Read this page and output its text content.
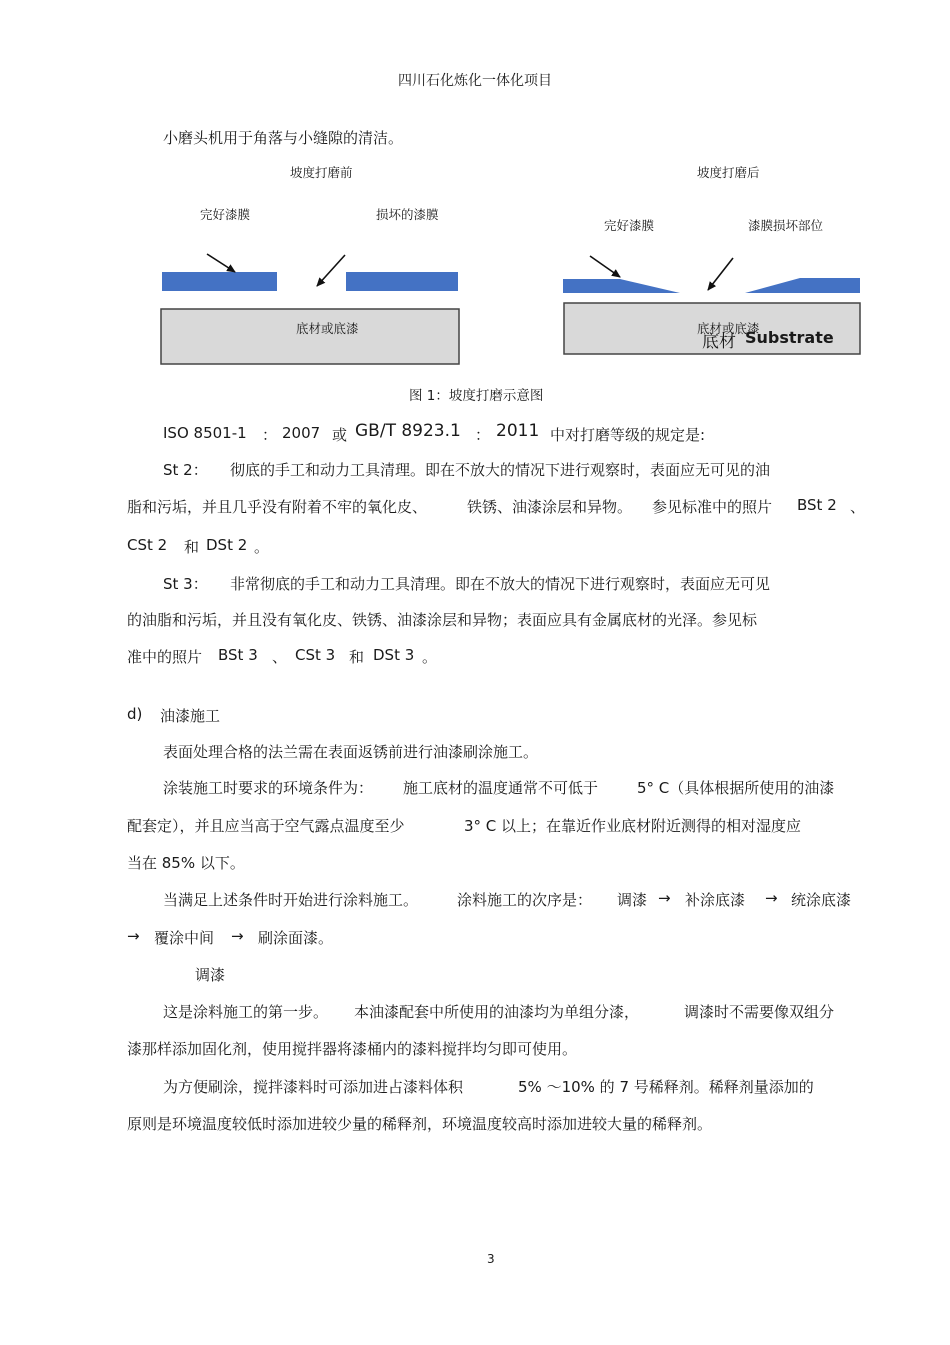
四川石化炼化一体化项目
小磨头机用于角落与小缝隙的清洁。
坡度打磨前
完好漆膜	损坏的漆膜
底材或底漆
坡度打磨后
完好漆膜	漆膜损坏部位
底材或底漆
底材 Substrate
图 1：坡度打磨示意图
ISO 8501-1 ： 2007 或 GB/T 8923.1 ： 2011 中对打磨等级的规定是:
St 2： 彻底的手工和动力工具清理。即在不放大的情况下进行观察时，表面应无可见的油
脂和污垢，并且几乎没有附着不牢的氧化皮、	铁锈、油漆涂层和异物。 参见标准中的照片 BSt 2 、
CSt 2 和 DSt 2 。
St 3： 非常彻底的手工和动力工具清理。即在不放大的情况下进行观察时，表面应无可见
的油脂和污垢，并且没有氧化皮、铁锈、油漆涂层和异物；表面应具有金属底材的光泽。参见标
准中的照片 BSt 3 、 CSt 3 和 DSt 3 。
d) 油漆施工
表面处理合格的法兰需在表面返锈前进行油漆刷涂施工。
涂装施工时要求的环境条件为： 施工底材的温度通常不可低于	5° C（具体根据所使用的油漆
配套定），并且应当高于空气露点温度至少	3° C 以上；在靠近作业底材附近测得的相对湿度应
当在 85% 以下。
当满足上述条件时开始进行涂料施工。	涂料施工的次序是： 调漆 → 补涂底漆 → 统涂底漆
→ 覆涂中间 → 刷涂面漆。
调漆
这是涂料施工的第一步。 本油漆配套中所使用的油漆均为单组分漆，	调漆时不需要像双组分
漆那样添加固化剂，使用搅拌器将漆桶内的漆料搅拌均匀即可使用。
为方便刷涂，搅拌漆料时可添加进占漆料体积	5% ～10% 的 7 号稀释剂。稀释剂量添加的
原则是环境温度较低时添加进较少量的稀释剂，环境温度较高时添加进较大量的稀释剂。
3
